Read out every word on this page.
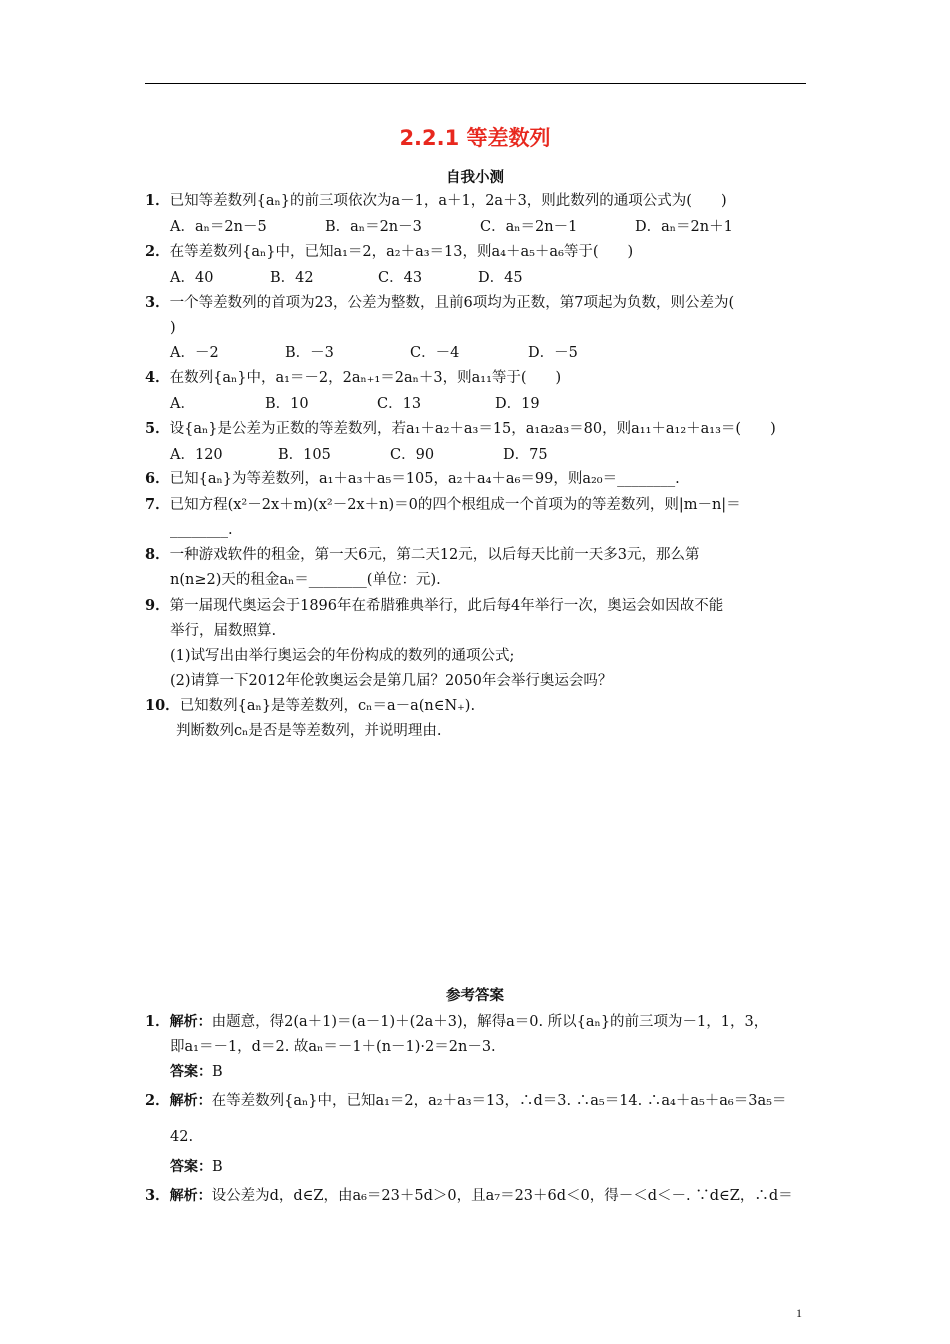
2.2.1 等差数列
自我小测
1．已知等差数列{aₙ}的前三项依次为a－1，a＋1，2a＋3，则此数列的通项公式为(　　)
A．aₙ＝2n－5	B．aₙ＝2n－3	C．aₙ＝2n－1	D．aₙ＝2n＋1
2．在等差数列{aₙ}中，已知a₁＝2，a₂＋a₃＝13，则a₄＋a₅＋a₆等于(　　)
A．40	B．42	C．43	D．45
3．一个等差数列的首项为23，公差为整数，且前6项均为正数，第7项起为负数，则公差为(
)
A．－2	B．－3	C．－4	D．－5
4．在数列{aₙ}中，a₁＝－2，2aₙ₊₁＝2aₙ＋3，则a₁₁等于(　　)
A．	B．10	C．13	D．19
5．设{aₙ}是公差为正数的等差数列，若a₁＋a₂＋a₃＝15，a₁a₂a₃＝80，则a₁₁＋a₁₂＋a₁₃＝(　　)
A．120	B．105	C．90	D．75
6．已知{aₙ}为等差数列，a₁＋a₃＋a₅＝105，a₂＋a₄＋a₆＝99，则a₂₀＝________.
7．已知方程(x²－2x＋m)(x²－2x＋n)＝0的四个根组成一个首项为的等差数列，则|m－n|＝
________.
8．一种游戏软件的租金，第一天6元，第二天12元，以后每天比前一天多3元，那么第
n(n≥2)天的租金aₙ＝________(单位：元).
9．第一届现代奥运会于1896年在希腊雅典举行，此后每4年举行一次，奥运会如因故不能
举行，届数照算.
(1)试写出由举行奥运会的年份构成的数列的通项公式;
(2)请算一下2012年伦敦奥运会是第几届？2050年会举行奥运会吗？
10．已知数列{aₙ}是等差数列，cₙ＝a－a(n∈N₊).
判断数列cₙ是否是等差数列，并说明理由.
参考答案
1．解析：由题意，得2(a＋1)＝(a－1)＋(2a＋3)，解得a＝0. 所以{aₙ}的前三项为－1，1，3，
即a₁＝－1，d＝2. 故aₙ＝－1＋(n－1)·2＝2n－3.
答案：B
2．解析：在等差数列{aₙ}中，已知a₁＝2，a₂＋a₃＝13，∴d＝3. ∴a₅＝14. ∴a₄＋a₅＋a₆＝3a₅＝
42.
答案：B
3．解析：设公差为d，d∈Z，由a₆＝23＋5d＞0，且a₇＝23＋6d＜0，得－＜d＜－. ∵d∈Z，∴d＝
1
